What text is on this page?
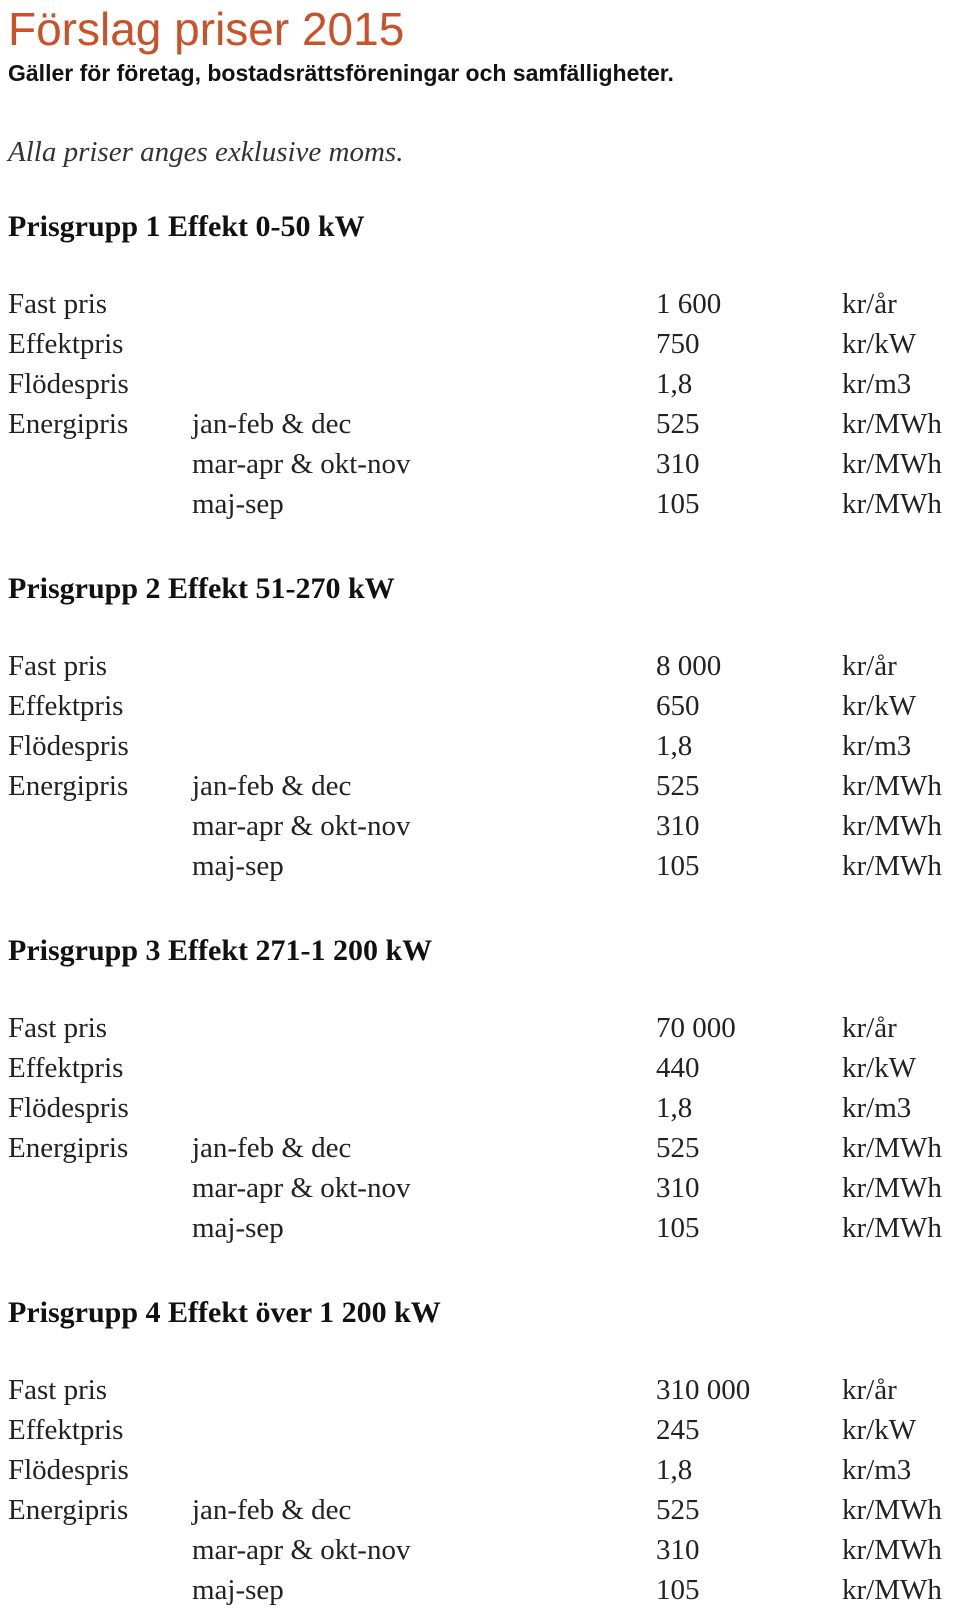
Förslag priser 2015

Gäller för företag, bostadsrättsföreningar och samfälligheter.

Alla priser anges exklusive moms.

Prisgrupp 1 Effekt 0-50 kW
Fast pris	1 600	kr/år
Effektpris	750	kr/kW
Flödespris	1,8	kr/m3
Energipris jan-feb & dec	525	kr/MWh
mar-apr & okt-nov	310	kr/MWh
maj-sep	105	kr/MWh
Prisgrupp 2 Effekt 51-270 kW
Fast pris	8 000	kr/år
Effektpris	650	kr/kW
Flödespris	1,8	kr/m3
Energipris jan-feb & dec	525	kr/MWh
mar-apr & okt-nov	310	kr/MWh
maj-sep	105	kr/MWh
Prisgrupp 3 Effekt 271-1 200 kW
Fast pris	70 000	kr/år
Effektpris	440	kr/kW
Flödespris	1,8	kr/m3
Energipris jan-feb & dec	525	kr/MWh
mar-apr & okt-nov	310	kr/MWh
maj-sep	105	kr/MWh
Prisgrupp 4 Effekt över 1 200 kW
Fast pris	310 000	kr/år
Effektpris	245	kr/kW
Flödespris	1,8	kr/m3
Energipris jan-feb & dec	525	kr/MWh
mar-apr & okt-nov	310	kr/MWh
maj-sep	105	kr/MWh
